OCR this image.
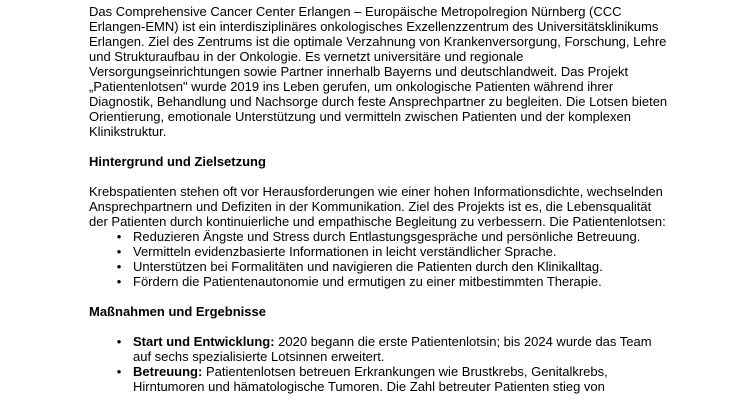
Das Comprehensive Cancer Center Erlangen – Europäische Metropolregion Nürnberg (CCC Erlangen-EMN) ist ein interdisziplinäres onkologisches Exzellenzzentrum des Universitätsklinikums Erlangen. Ziel des Zentrums ist die optimale Verzahnung von Krankenversorgung, Forschung, Lehre und Strukturaufbau in der Onkologie. Es vernetzt universitäre und regionale Versorgungseinrichtungen sowie Partner innerhalb Bayerns und deutschlandweit. Das Projekt „Patientenlotsen" wurde 2019 ins Leben gerufen, um onkologische Patienten während ihrer Diagnostik, Behandlung und Nachsorge durch feste Ansprechpartner zu begleiten. Die Lotsen bieten Orientierung, emotionale Unterstützung und vermitteln zwischen Patienten und der komplexen Klinikstruktur.

Hintergrund und Zielsetzung

Krebspatienten stehen oft vor Herausforderungen wie einer hohen Informationsdichte, wechselnden Ansprechpartnern und Defiziten in der Kommunikation. Ziel des Projekts ist es, die Lebensqualität der Patienten durch kontinuierliche und empathische Begleitung zu verbessern. Die Patientenlotsen:

• Reduzieren Ängste und Stress durch Entlastungsgespräche und persönliche Betreuung.
• Vermitteln evidenzbasierte Informationen in leicht verständlicher Sprache.
• Unterstützen bei Formalitäten und navigieren die Patienten durch den Klinikalltag.
• Fördern die Patientenautonomie und ermutigen zu einer mitbestimmten Therapie.
Maßnahmen und Ergebnisse
• Start und Entwicklung: 2020 begann die erste Patientenlotsin; bis 2024 wurde das Team auf sechs spezialisierte Lotsinnen erweitert.
• Betreuung: Patientenlotsen betreuen Erkrankungen wie Brustkrebs, Genitalkrebs, Hirntumoren und hämatologische Tumoren. Die Zahl betreuter Patienten stieg von
